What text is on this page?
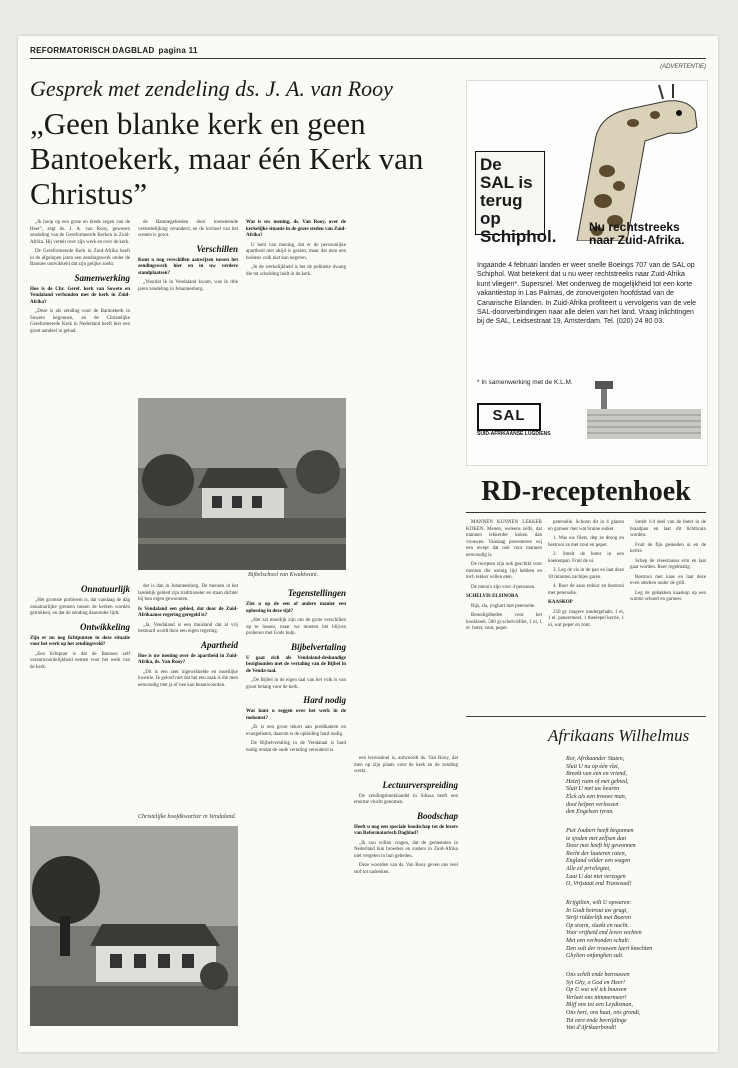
REFORMATORISCH DAGBLAD pagina 11
Gesprek met zendeling ds. J. A. van Rooy
„Geen blanke kerk en geen Bantoekerk, maar één Kerk van Christus”

„Ik hoop op een grote en brede zegen van de Heer”, zegt ds. J. A. van Rooy, gewezen zendeling van de Gereformeerde Kerken in Zuid-Afrika. Hij vertelt over zijn werk en over de kerk.

De Gereformeerde Kerk in Zuid-Afrika heeft in de afgelopen jaren een zendingswerk onder de Bantoes ontwikkeld dat zijn gelijke zoekt.

Samenwerking

Hoe is de Chr. Geref. kerk van Soweto en Vendaland verbonden met de kerk in Zuid-Afrika?

„Deze is als zending voor de Bantoekerk in Soweto begonnen, en de Christelijke Gereformeerde Kerk in Nederland heeft hier een groot aandeel in gehad.

Onnatuurlijk

„Het grootste probleem is, dat vandaag de dag onnatuurlijke grenzen tussen de kerken worden getrokken, en dat de zending daaronder lijdt.

Ontwikkeling

Zijn er nu nog lichtpunten in deze situatie voor het werk op het zendingsveld?

„Een lichtpunt is dat de Bantoes zelf verantwoordelijkheid nemen voor het werk van de kerk.

de Bantoegebieden door toenemende verstedelijking veranderd, en de invloed van het westen is groot.

Verschillen

Kunt u nog verschillen aanwijzen tussen het zendingswerk hier en in uw verdere standplaatsen?

„Voordat ik in Vendaland kwam, was ik drie jaren zendeling in Johannesburg.

Wat is uw mening, ds. Van Rooy, over de kerkelijke situatie in de grote steden van Zuid-Afrika?

U bent van mening, dat er de persoonlijke apartheid niet altijd is gezien, maar dat men een heidens volk niet kan negeren.

„In de werkelijkheid is het de politieke dwang die tot scheiding leidt in de kerk.

Bijbelschool van Kwaktwani.

der is dan in Johannesburg. De mensen in het landelijk gebied zijn traditioneler en staan dichter bij hun eigen gewoonten.

Is Vendaland een gebied, dat door de Zuid-Afrikaanse regering geregeld is?

„Ja, Vendaland is een thuisland dat al vrij bestuurd wordt door een eigen regering.

Apartheid

Hoe is uw mening over de apartheid in Zuid-Afrika, ds. Van Rooy?

„Dit is een zeer ingewikkelde en moeilijke kwestie. Ik geloof niet dat het een zaak is die men eenvoudig met ja of nee kan beantwoorden.

Tegenstellingen

Ziet u op de een of andere manier een oplossing in deze tijd?

„Het zal moeilijk zijn om de grote verschillen op te lossen, maar we moeten het blijven proberen met Gods hulp.

Bijbelvertaling

U gaat zich als Vendaland-deskundige bezighouden met de vertaling van de Bijbel in de Venda-taal.

„De Bijbel in de eigen taal van het volk is van groot belang voor de kerk.

Hard nodig

Wat kunt u zeggen over het werk in de toekomst?

„Er is een groot tekort aan predikanten en evangelisten, daarom is de opleiding hard nodig.

De Bijbelvertaling in de Vendataal is hard nodig omdat de oude vertaling verouderd is.

Christelijke hoofdkwartier in Vendaland.

een levensdoel is, antwoordt ds. Van Rooy, dat men op zijn plaats voor de kerk en de zending werkt.

Lectuurverspreiding

De zendingsboekhandel in Sibasa heeft een enorme vlucht genomen.

Boodschap

Heeft u nog een speciale boodschap tot de lezers van Reformatorisch Dagblad?

„Ik zou willen vragen, dat de gemeenten in Nederland hun broeders en zusters in Zuid-Afrika niet vergeten in hun gebeden.

Deze woorden van ds. Van Rooy geven ons veel stof tot nadenken.

(ADVERTENTIE)
De SAL is terug op Schiphol.	Nu rechtstreeks naar Zuid-Afrika.
Ingaande 4 februari landen er weer snelle Boeings 707 van de SAL op Schiphol. Wat betekent dat u nu weer rechtstreeks naar Zuid-Afrika kunt vliegen*. Supersnel. Met onderweg de mogelijkheid tot een korte vakantiestop in Las Palmas, de zonovergoten hoofdstad van de Canarische Eilanden. In Zuid-Afrika profiteert u vervolgens van de vele SAL-doorverbindingen naar alle delen van het land. Vraag inlichtingen bij de SAL, Leidsestraat 19, Amsterdam. Tel. (020) 24 80 03.
* In samenwerking met de K.L.M.
SAL
SUID-AFRIKAANSE LUGDIENS
RD-receptenhoek

MANNEN KUNNEN LEKKER KOKEN. Menen, weleens zelfs, dat mannen lekkerder koken dan vrouwen. Vandaag presenteren wij een recept dat ook voor mannen eenvoudig is.

De recepten zijn ook geschikt voor mensen die weinig tijd hebben en toch lekker willen eten.

De menu's zijn voor 4 personen.

SCHELVIS ELSINORA

Rijs, sla, yoghurt met peterselie.

Benodigdheden voor het kookboek. 500 gr schelvisfilet, 1 ui, 1 el. boter, zout, peper.

peterselie. Schoon dit in 4 glazen en garneer met wat bruine suiker.

1. Was uw filets, dep ze droog en bestrooi ze met zout en peper.

2. Smelt de boter in een koekenpan. Fruit de ui.

3. Leg de vis in de pan en laat deze 10 minuten zachtjes garen.

4. Roer de saus erdoor en bestrooi met peterselie.

KAASKOP

250 gr. magere rundergehakt, 1 ei, 1 el. paneermeel, 1 theelepel kerrie, 1 ui, wat peper en zout.

Smelt 1/4 deel van de boter in de braadpan en laat dit lichtbruin worden.

Fruit de fijn gesneden ui en de kerrie.

Schep de vleesmassa erin en laat gaar worden. Roer regelmatig.

Bestrooi met kaas en laat deze even smelten onder de grill.

Leg de gebakken kaaskop op een warme schotel en garneer.

Afrikaans Wilhelmus

Ror, Afrikaander Staten,

Sluit U nu op één vlet,

Breekt van eén en vriend,

Hetzij ruim of met gebied,

Sluit U met uw keuren

Elck als een trouwe man,

dooi helpen verlossen

den Engelsen tyran.

Piet Joubert heeft begonnen

te sjoden met zelfsen dan

Door met heeft hij gewonnen

Recht der lauteren raten,

England wilder een wagen

Alle zil privilegiet,

Laat U dat niet verzagen

O, Vrijstaat end Transvaal!

Krijgtlien, wilt U opwaren:

In Godt betrout uw grugt,

Strijt ridderlijk met Boeren

Op storm, slaekt en nacht.

Voor vrijheid end leven vechten

Met een verbonden schalt:

Den solt der trouwen laert knechten

Ghylien onfanghen sult.

Ons schilt ende betrouwen

Syt Ghy, o God en Heer!

Op U soo wil ick bouwen

Verlaet ons nimmermeer!

Blijf ons tot een Leydtsman,

Ons hert, ons haat, ons grondt,

Tot eere ende bevrijdinge

Van d'Afrikaerbondt!
